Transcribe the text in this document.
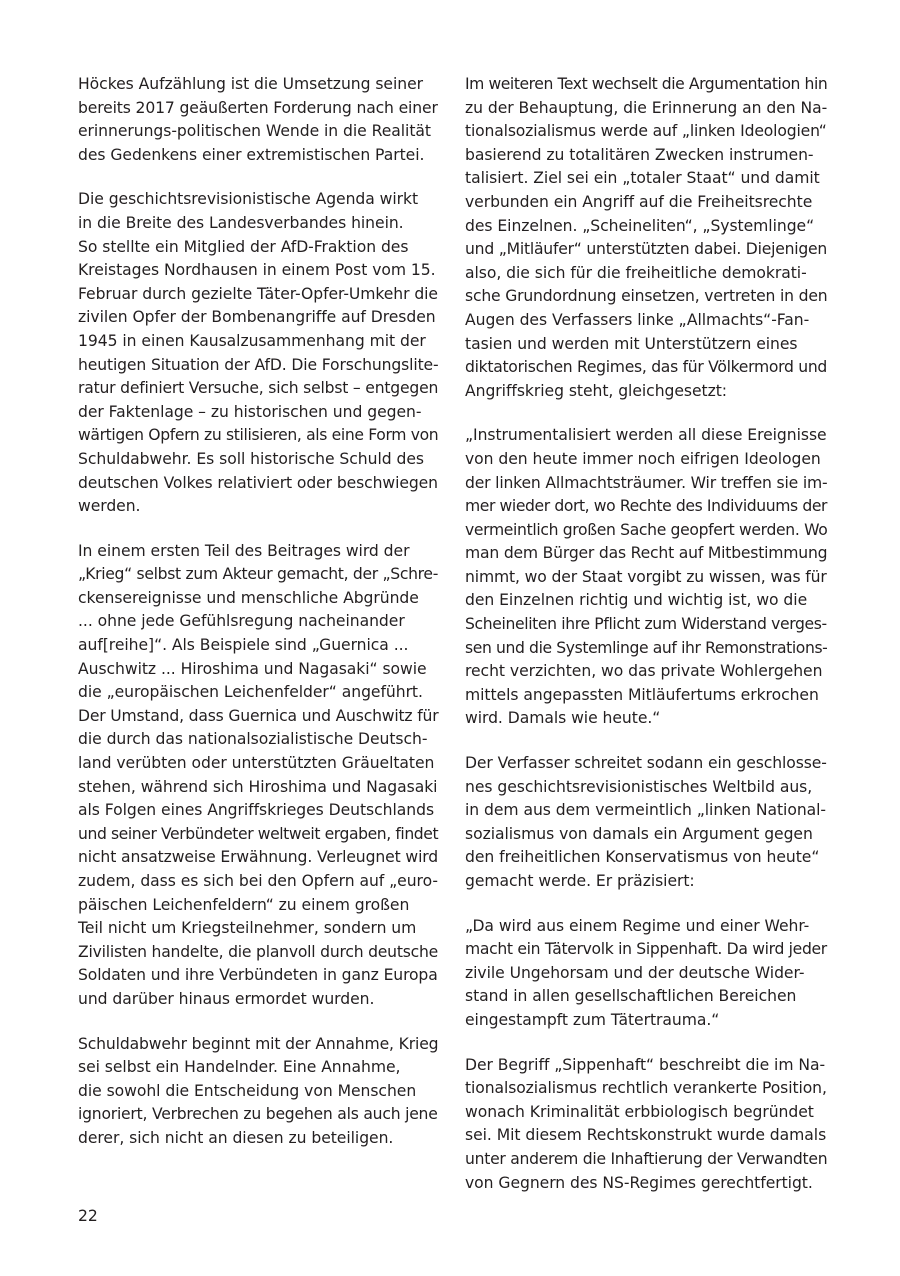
Höckes Aufzählung ist die Umsetzung seiner
bereits 2017 geäußerten Forderung nach einer
erinnerungs-politischen Wende in die Realität
des Gedenkens einer extremistischen Partei.
Die geschichtsrevisionistische Agenda wirkt
in die Breite des Landesverbandes hinein.
So stellte ein Mitglied der AfD-Fraktion des
Kreistages Nordhausen in einem Post vom 15.
Februar durch gezielte Täter-Opfer-Umkehr die
zivilen Opfer der Bombenangriffe auf Dresden
1945 in einen Kausalzusammenhang mit der
heutigen Situation der AfD. Die Forschungslite-
ratur definiert Versuche, sich selbst – entgegen
der Faktenlage – zu historischen und gegen-
wärtigen Opfern zu stilisieren, als eine Form von
Schuldabwehr. Es soll historische Schuld des
deutschen Volkes relativiert oder beschwiegen
werden.
In einem ersten Teil des Beitrages wird der
„Krieg“ selbst zum Akteur gemacht, der „Schre-
ckensereignisse und menschliche Abgründe
... ohne jede Gefühlsregung nacheinander
auf[reihe]“. Als Beispiele sind „Guernica ...
Auschwitz ... Hiroshima und Nagasaki“ sowie
die „europäischen Leichenfelder“ angeführt.
Der Umstand, dass Guernica und Auschwitz für
die durch das nationalsozialistische Deutsch-
land verübten oder unterstützten Gräueltaten
stehen, während sich Hiroshima und Nagasaki
als Folgen eines Angriffskrieges Deutschlands
und seiner Verbündeter weltweit ergaben, findet
nicht ansatzweise Erwähnung. Verleugnet wird
zudem, dass es sich bei den Opfern auf „euro-
päischen Leichenfeldern“ zu einem großen
Teil nicht um Kriegsteilnehmer, sondern um
Zivilisten handelte, die planvoll durch deutsche
Soldaten und ihre Verbündeten in ganz Europa
und darüber hinaus ermordet wurden.
Schuldabwehr beginnt mit der Annahme, Krieg
sei selbst ein Handelnder. Eine Annahme,
die sowohl die Entscheidung von Menschen
ignoriert, Verbrechen zu begehen als auch jene
derer, sich nicht an diesen zu beteiligen.
Im weiteren Text wechselt die Argumentation hin
zu der Behauptung, die Erinnerung an den Na-
tionalsozialismus werde auf „linken Ideologien“
basierend zu totalitären Zwecken instrumen-
talisiert. Ziel sei ein „totaler Staat“ und damit
verbunden ein Angriff auf die Freiheitsrechte
des Einzelnen. „Scheineliten“, „Systemlinge“
und „Mitläufer“ unterstützten dabei. Diejenigen
also, die sich für die freiheitliche demokrati-
sche Grundordnung einsetzen, vertreten in den
Augen des Verfassers linke „Allmachts“-Fan-
tasien und werden mit Unterstützern eines
diktatorischen Regimes, das für Völkermord und
Angriffskrieg steht, gleichgesetzt:
„Instrumentalisiert werden all diese Ereignisse
von den heute immer noch eifrigen Ideologen
der linken Allmachtsträumer. Wir treffen sie im-
mer wieder dort, wo Rechte des Individuums der
vermeintlich großen Sache geopfert werden. Wo
man dem Bürger das Recht auf Mitbestimmung
nimmt, wo der Staat vorgibt zu wissen, was für
den Einzelnen richtig und wichtig ist, wo die
Scheineliten ihre Pflicht zum Widerstand verges-
sen und die Systemlinge auf ihr Remonstrations-
recht verzichten, wo das private Wohlergehen
mittels angepassten Mitläufertums erkrochen
wird. Damals wie heute.“
Der Verfasser schreitet sodann ein geschlosse-
nes geschichtsrevisionistisches Weltbild aus,
in dem aus dem vermeintlich „linken National-
sozialismus von damals ein Argument gegen
den freiheitlichen Konservatismus von heute“
gemacht werde. Er präzisiert:
„Da wird aus einem Regime und einer Wehr-
macht ein Tätervolk in Sippenhaft. Da wird jeder
zivile Ungehorsam und der deutsche Wider-
stand in allen gesellschaftlichen Bereichen
eingestampft zum Tätertrauma.“
Der Begriff „Sippenhaft“ beschreibt die im Na-
tionalsozialismus rechtlich verankerte Position,
wonach Kriminalität erbbiologisch begründet
sei. Mit diesem Rechtskonstrukt wurde damals
unter anderem die Inhaftierung der Verwandten
von Gegnern des NS-Regimes gerechtfertigt.
22
